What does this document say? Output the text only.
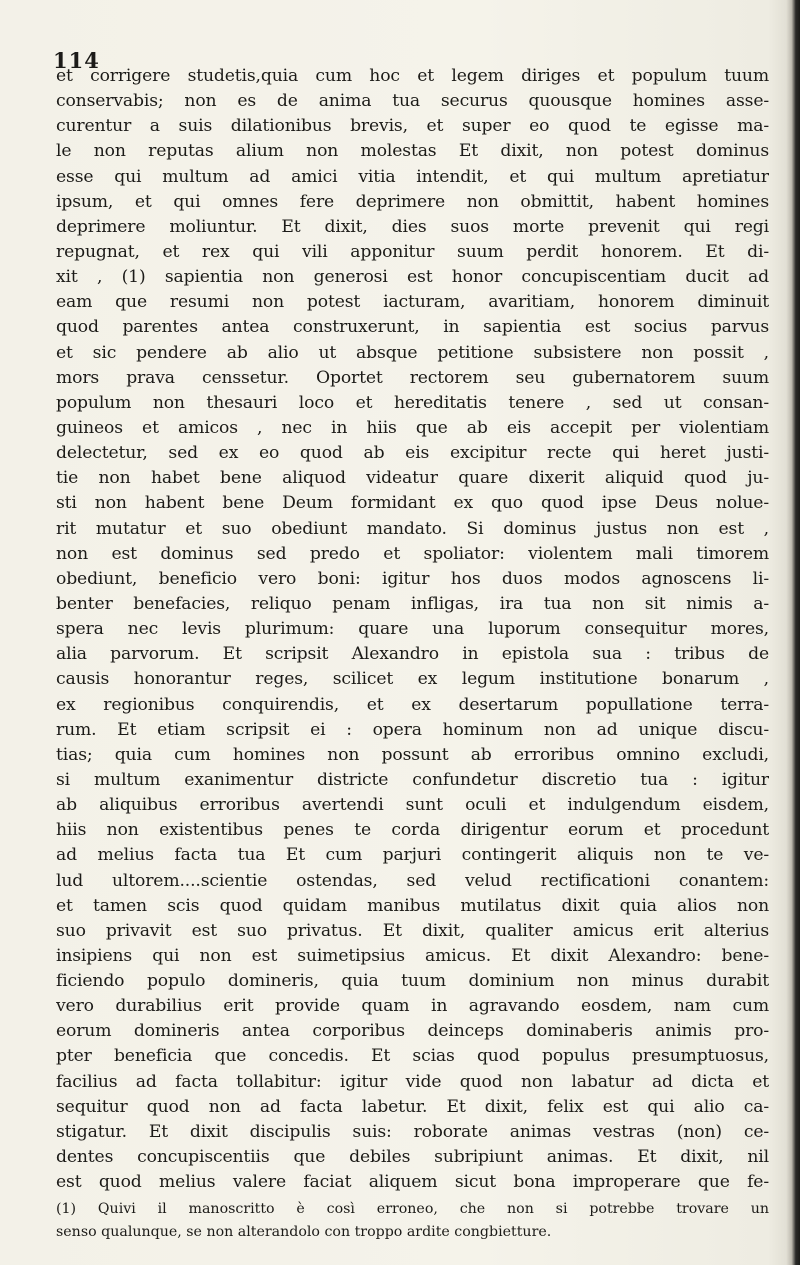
114
et corrigere studetis,quia cum hoc et legem diriges et populum tuum
conservabis; non es de anima tua securus quousque homines asse-
curentur a suis dilationibus brevis, et super eo quod te egisse ma-
le non reputas alium non molestas Et dixit, non potest dominus
esse qui multum ad amici vitia intendit, et qui multum apretiatur
ipsum, et qui omnes fere deprimere non obmittit, habent homines
deprimere moliuntur. Et dixit, dies suos morte prevenit qui regi
repugnat, et rex qui vili apponitur suum perdit honorem. Et di-
xit , (1) sapientia non generosi est honor concupiscentiam ducit ad
eam que resumi non potest iacturam, avaritiam, honorem diminuit
quod parentes antea construxerunt, in sapientia est socius parvus
et sic pendere ab alio ut absque petitione subsistere non possit ,
mors prava censsetur. Oportet rectorem seu gubernatorem suum
populum non thesauri loco et hereditatis tenere , sed ut consan-
guineos et amicos , nec in hiis que ab eis accepit per violentiam
delectetur, sed ex eo quod ab eis excipitur recte qui heret justi-
tie non habet bene aliquod videatur quare dixerit aliquid quod ju-
sti non habent bene Deum formidant ex quo quod ipse Deus nolue-
rit mutatur et suo obediunt mandato. Si dominus justus non est ,
non est dominus sed predo et spoliator: violentem mali timorem
obediunt, beneficio vero boni: igitur hos duos modos agnoscens li-
benter benefacies, reliquo penam infligas, ira tua non sit nimis a-
spera nec levis plurimum: quare una luporum consequitur mores,
alia parvorum. Et scripsit Alexandro in epistola sua : tribus de
causis honorantur reges, scilicet ex legum institutione bonarum ,
ex regionibus conquirendis, et ex desertarum popullatione terra-
rum. Et etiam scripsit ei : opera hominum non ad unique discu-
tias; quia cum homines non possunt ab erroribus omnino excludi,
si multum exanimentur districte confundetur discretio tua : igitur
ab aliquibus erroribus avertendi sunt oculi et indulgendum eisdem,
hiis non existentibus penes te corda dirigentur eorum et procedunt
ad melius facta tua Et cum parjuri contingerit aliquis non te ve-
lud ultorem....scientie ostendas, sed velud rectificationi conantem:
et tamen scis quod quidam manibus mutilatus dixit quia alios non
suo privavit est suo privatus. Et dixit, qualiter amicus erit alterius
insipiens qui non est suimetipsius amicus. Et dixit Alexandro: bene-
ficiendo populo domineris, quia tuum dominium non minus durabit
vero durabilius erit provide quam in agravando eosdem, nam cum
eorum domineris antea corporibus deinceps dominaberis animis pro-
pter beneficia que concedis. Et scias quod populus presumptuosus,
facilius ad facta tollabitur: igitur vide quod non labatur ad dicta et
sequitur quod non ad facta labetur. Et dixit, felix est qui alio ca-
stigatur. Et dixit discipulis suis: roborate animas vestras (non) ce-
dentes concupiscentiis que debiles subripiunt animas. Et dixit, nil
est quod melius valere faciat aliquem sicut bona improperare que fe-
(1) Quivi il manoscritto è così erroneo, che non si potrebbe trovare un
senso qualunque, se non alterandolo con troppo ardite congbietture.
